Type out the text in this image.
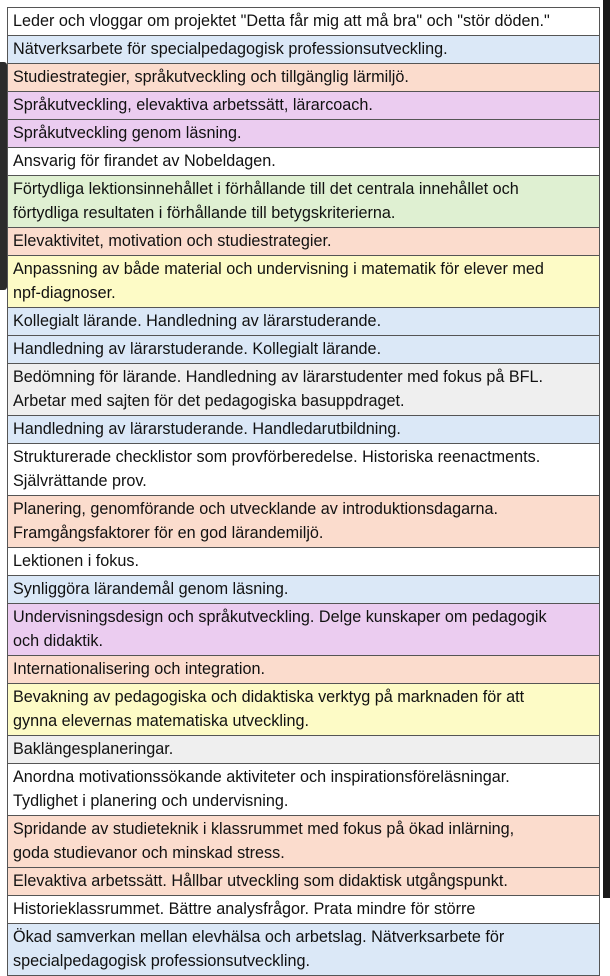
Leder och vloggar om projektet "Detta får mig att må bra" och "stör döden."
Nätverksarbete för specialpedagogisk professionsutveckling.
Studiestrategier, språkutveckling och tillgänglig lärmiljö.
Språkutveckling, elevaktiva arbetssätt, lärarcoach.
Språkutveckling genom läsning.
Ansvarig för firandet av Nobeldagen.
Förtydliga lektionsinnehållet i förhållande till det centrala innehållet och
förtydliga resultaten i förhållande till betygskriterierna.
Elevaktivitet, motivation och studiestrategier.
Anpassning av både material och undervisning i matematik för elever med
npf-diagnoser.
Kollegialt lärande. Handledning av lärarstuderande.
Handledning av lärarstuderande. Kollegialt lärande.
Bedömning för lärande. Handledning av lärarstudenter med fokus på BFL.
Arbetar med sajten för det pedagogiska basuppdraget.
Handledning av lärarstuderande. Handledarutbildning.
Strukturerade checklistor som provförberedelse. Historiska reenactments.
Självrättande prov.
Planering, genomförande och utvecklande av introduktionsdagarna.
Framgångsfaktorer för en god lärandemiljö.
Lektionen i fokus.
Synliggöra lärandemål genom läsning.
Undervisningsdesign och språkutveckling. Delge kunskaper om pedagogik
och didaktik.
Internationalisering och integration.
Bevakning av pedagogiska och didaktiska verktyg på marknaden för att
gynna elevernas matematiska utveckling.
Baklängesplaneringar.
Anordna motivationssökande aktiviteter och inspirationsföreläsningar.
Tydlighet i planering och undervisning.
Spridande av studieteknik i klassrummet med fokus på ökad inlärning,
goda studievanor och minskad stress.
Elevaktiva arbetssätt. Hållbar utveckling som didaktisk utgångspunkt.
Historieklassrummet. Bättre analysfrågor. Prata mindre för större
Ökad samverkan mellan elevhälsa och arbetslag. Nätverksarbete för
specialpedagogisk professionsutveckling.
